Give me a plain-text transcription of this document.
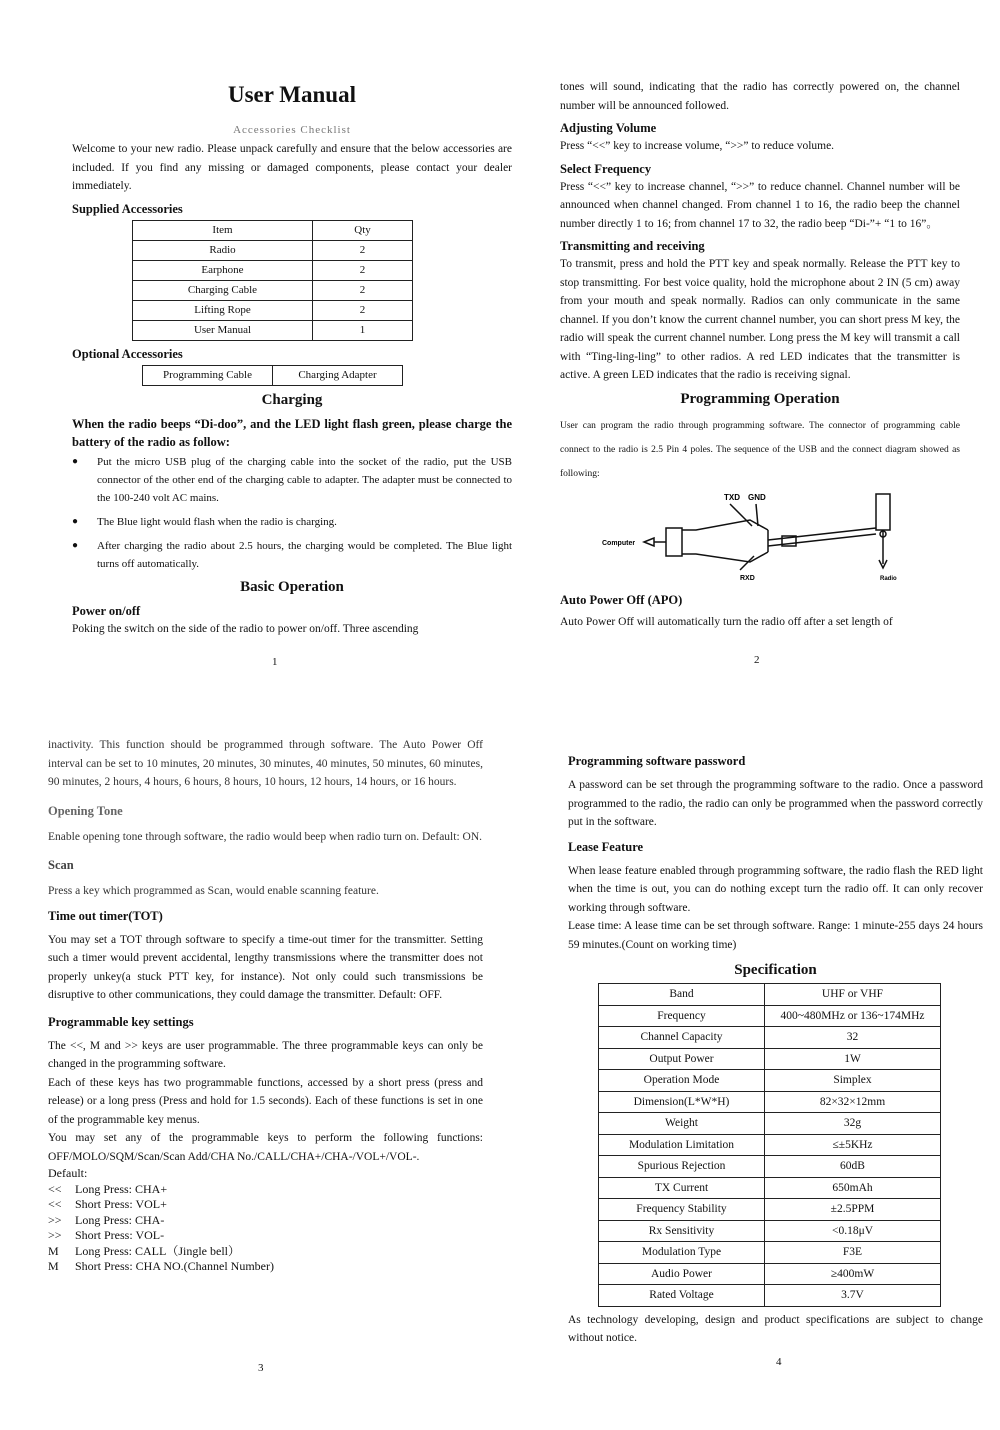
User Manual
Accessories Checklist

Welcome to your new radio. Please unpack carefully and ensure that the below accessories are included. If you find any missing or damaged components, please contact your dealer immediately.

Supplied Accessories
Item	Qty
Radio	2
Earphone	2
Charging Cable	2
Lifting Rope	2
User Manual	1
Optional Accessories
Programming Cable	Charging Adapter
Charging
When the radio beeps “Di-doo”, and the LED light flash green, please charge the battery of the radio as follow:
● Put the micro USB plug of the charging cable into the socket of the radio, put the USB connector of the other end of the charging cable to adapter. The adapter must be connected to the 100-240 volt AC mains.
● The Blue light would flash when the radio is charging.
● After charging the radio about 2.5 hours, the charging would be completed. The Blue light turns off automatically.
Basic Operation
Power on/off

Poking the switch on the side of the radio to power on/off. Three ascending

1

tones will sound, indicating that the radio has correctly powered on, the channel number will be announced followed.

Adjusting Volume

Press “<<” key to increase volume, “>>” to reduce volume.

Select Frequency

Press “<<” key to increase channel, “>>” to reduce channel. Channel number will be announced when channel changed. From channel 1 to 16, the radio beep the channel number directly 1 to 16; from channel 17 to 32, the radio beep “Di-”+ “1 to 16”。

Transmitting and receiving

To transmit, press and hold the PTT key and speak normally. Release the PTT key to stop transmitting. For best voice quality, hold the microphone about 2 IN (5 cm) away from your mouth and speak normally. Radios can only communicate in the same channel. If you don’t know the current channel number, you can short press M key, the radio will speak the current channel number. Long press the M key will transmit a call with “Ting-ling-ling” to other radios. A red LED indicates that the transmitter is active. A green LED indicates that the radio is receiving signal.

Programming Operation

User can program the radio through programming software. The connector of programming cable connect to the radio is 2.5 Pin 4 poles. The sequence of the USB and the connect diagram showed as following:

TXD GND
Computer
RXD	Radio
Auto Power Off (APO)

Auto Power Off will automatically turn the radio off after a set length of

2

inactivity. This function should be programmed through software. The Auto Power Off interval can be set to 10 minutes, 20 minutes, 30 minutes, 40 minutes, 50 minutes, 60 minutes, 90 minutes, 2 hours, 4 hours, 6 hours, 8 hours, 10 hours, 12 hours, 14 hours, or 16 hours.

Opening Tone

Enable opening tone through software, the radio would beep when radio turn on. Default: ON.

Scan

Press a key which programmed as Scan, would enable scanning feature.

Time out timer(TOT)

You may set a TOT through software to specify a time-out timer for the transmitter. Setting such a timer would prevent accidental, lengthy transmissions where the transmitter does not properly unkey(a stuck PTT key, for instance). Not only could such transmissions be disruptive to other communications, they could damage the transmitter. Default: OFF.

Programmable key settings

The <<, M and >> keys are user programmable. The three programmable keys can only be changed in the programming software.

Each of these keys has two programmable functions, accessed by a short press (press and release) or a long press (Press and hold for 1.5 seconds). Each of these functions is set in one of the programmable key menus.

You may set any of the programmable keys to perform the following functions: OFF/MOLO/SQM/Scan/Scan Add/CHA No./CALL/CHA+/CHA-/VOL+/VOL-.

Default:
<<	Long Press: CHA+
<<	Short Press: VOL+
>>	Long Press: CHA-
>>	Short Press: VOL-
M	Long Press: CALL（Jingle bell）
M	Short Press: CHA NO.(Channel Number)
3
Programming software password

A password can be set through the programming software to the radio. Once a password programmed to the radio, the radio can only be programmed when the password correctly put in the software.

Lease Feature

When lease feature enabled through programming software, the radio flash the RED light when the time is out, you can do nothing except turn the radio off. It can only recover working through software.

Lease time: A lease time can be set through software. Range: 1 minute-255 days 24 hours 59 minutes.(Count on working time)

Specification
Band	UHF or VHF
Frequency	400~480MHz or 136~174MHz
Channel Capacity	32
Output Power	1W
Operation Mode	Simplex
Dimension(L*W*H)	82×32×12mm
Weight	32g
Modulation Limitation	≤±5KHz
Spurious Rejection	60dB
TX Current	650mAh
Frequency Stability	±2.5PPM
Rx Sensitivity	<0.18μV
Modulation Type	F3E
Audio Power	≥400mW
Rated Voltage	3.7V

As technology developing, design and product specifications are subject to change without notice.

4
